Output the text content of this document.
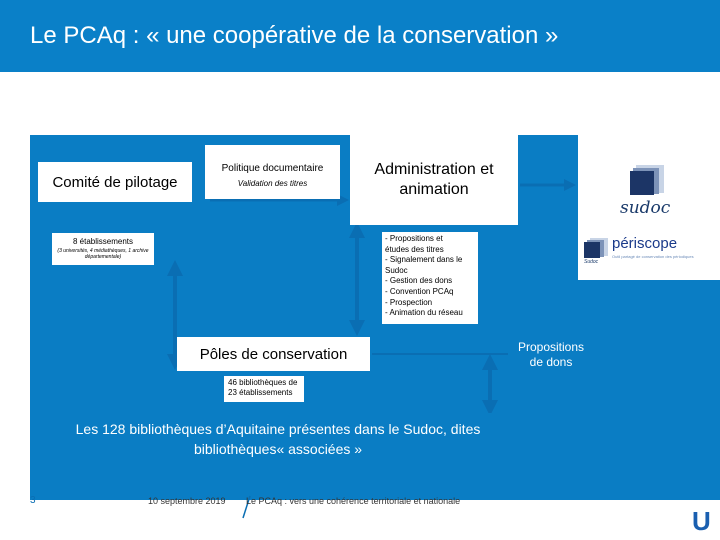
Le PCAq : « une coopérative de la conservation »
sudoc
périscope
Outil partagé de conservation des périodiques
Sudoc
Comité de pilotage
Politique documentaire
Validation des titres
Administration et animation
8 établissements
(3 universités, 4 médiathèques, 1 archive départementale)
- Propositions et
études des titres
- Signalement dans le
Sudoc
- Gestion des dons
- Convention PCAq
- Prospection
- Animation du réseau
Pôles de conservation
46 bibliothèques de
23 établissements
Les 128 bibliothèques d’Aquitaine présentes dans le Sudoc, dites
bibliothèques« associées »
Propositions
de dons
3	10 septembre 2019 Le PCAq : vers une cohérence territoriale et nationale
U
